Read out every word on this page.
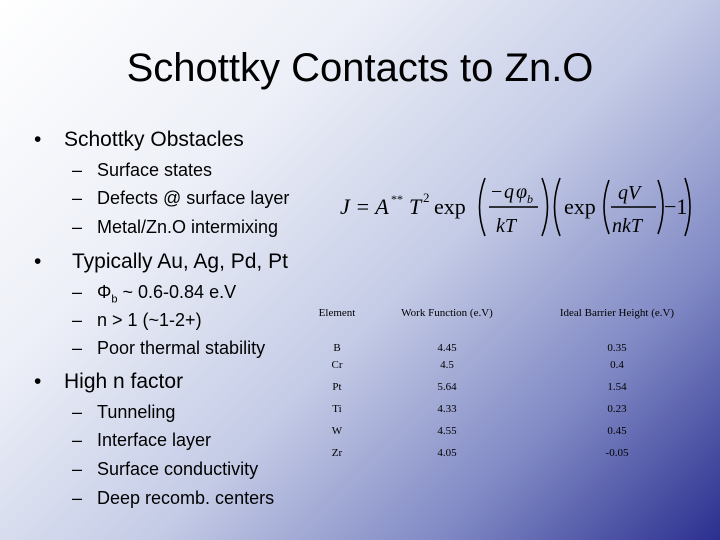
Schottky Contacts to Zn.O
• Schottky Obstacles
– Surface states
– Defects @ surface layer
– Metal/Zn.O intermixing
• Typically Au, Ag, Pd, Pt
– $\Phi_b$ ~ 0.6-0.84 e.V
– n > 1 (~1-2+)
– Poor thermal stability
• High n factor
– Tunneling
– Interface layer
– Surface conductivity
– Deep recomb. centers
J = A ** T 2 exp
− q φ b
kT
exp
qV
nkT
−1
Element	Work Function (e.V)	Ideal Barrier Height (e.V)
B	4.45	0.35
Cr	4.5	0.4
Pt	5.64	1.54
Ti	4.33	0.23
W	4.55	0.45
Zr	4.05	-0.05
